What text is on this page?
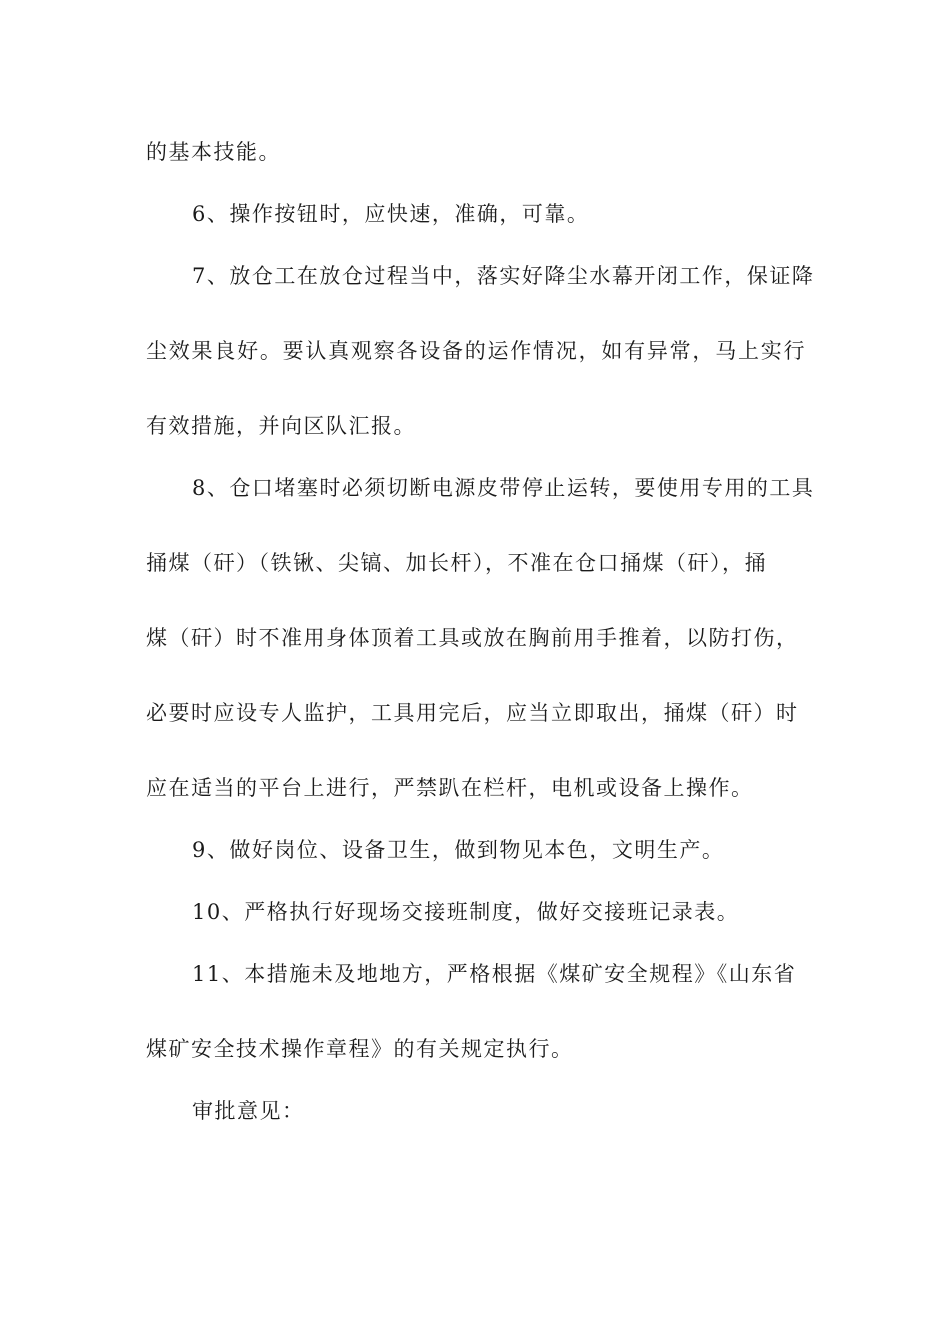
的基本技能。
6、操作按钮时，应快速，准确，可靠。
7、放仓工在放仓过程当中，落实好降尘水幕开闭工作，保证降
尘效果良好。要认真观察各设备的运作情况，如有异常，马上实行
有效措施，并向区队汇报。
8、仓口堵塞时必须切断电源皮带停止运转，要使用专用的工具
捅煤（矸）（铁锹、尖镐、加长杆），不准在仓口捅煤（矸），捅
煤（矸）时不准用身体顶着工具或放在胸前用手推着，以防打伤，
必要时应设专人监护，工具用完后，应当立即取出，捅煤（矸）时
应在适当的平台上进行，严禁趴在栏杆，电机或设备上操作。
9、做好岗位、设备卫生，做到物见本色，文明生产。
10、严格执行好现场交接班制度，做好交接班记录表。
11、本措施未及地地方，严格根据《煤矿安全规程》《山东省
煤矿安全技术操作章程》的有关规定执行。
审批意见：
